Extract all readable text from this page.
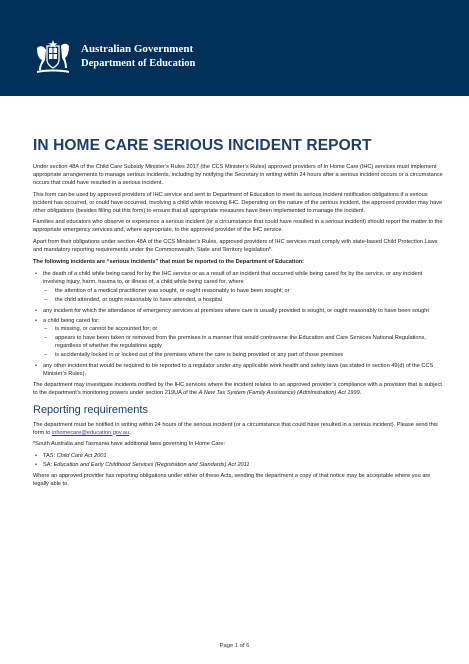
Australian Government
Department of Education
IN HOME CARE SERIOUS INCIDENT REPORT

Under section 48A of the Child Care Subsidy Minister’s Rules 2017 (the CCS Minister’s Rules) approved providers of In Home Care (IHC) services must implement appropriate arrangements to manage serious incidents, including by notifying the Secretary in writing within 24 hours after a serious incident occurs or a circumstance occurs that could have resulted in a serious incident.

This form can be used by approved providers of IHC service and sent to Department of Education to meet its serious incident notification obligations if a serious incident has occurred, or could have occurred, involving a child while receiving IHC. Depending on the nature of the serious incident, the approved provider may have other obligations (besides filling out this form) to ensure that all appropriate measures have been implemented to manage the incident.

Families and educators who observe or experience a serious incident (or a circumstance that could have resulted in a serious incident) should report the matter to the appropriate emergency services and, where appropriate, to the approved provider of the IHC service.

Apart from their obligations under section 48A of the CCS Minister’s Rules, approved providers of IHC services must comply with state-based Child Protection Laws and mandatory reporting requirements under the Commonwealth, State and Territory legislation*.

The following incidents are “serious incidents” that must be reported to the Department of Education:

• the death of a child while being cared for by the IHC service or as a result of an incident that occurred while being cared for by the service, or any incident involving injury, harm, trauma to, or illness of, a child while being cared for, where
– the attention of a medical practitioner was sought, or ought reasonably to have been sought; or
– the child attended, or ought reasonably to have attended, a hospital
• any incident for which the attendance of emergency services at premises where care is usually provided is sought, or ought reasonably to have been sought
• a child being cared for:
– is missing, or cannot be accounted for; or
– appears to have been taken or removed from the premises in a manner that would contravene the Education and Care Services National Regulations, regardless of whether the regulations apply
– is accidentally locked in or locked out of the premises where the care is being provided or any part of those premises
• any other incident that would be required to be reported to a regulator under any applicable work health and safety laws (as stated in section 49(d) of the CCS Minister’s Rules).

The department may investigate incidents notified by the IHC services where the incident relates to an approved provider’s compliance with a provision that is subject to the department’s monitoring powers under section 219UA of the A New Tax System (Family Assistance) (Administration) Act 1999.

Reporting requirements

The department must be notified in writing within 24 hours of the serious incident (or a circumstance that could have resulted in a serious incident). Please send this form to inhomecare@education.gov.au.

*South Australia and Tasmania have additional laws governing In Home Care:

• TAS: Child Care Act 2001
• SA: Education and Early Childhood Services (Registration and Standards) Act 2011

Where an approved provider has reporting obligations under either of these Acts, sending the department a copy of that notice may be acceptable where you are legally able to.

Page 1 of 6
